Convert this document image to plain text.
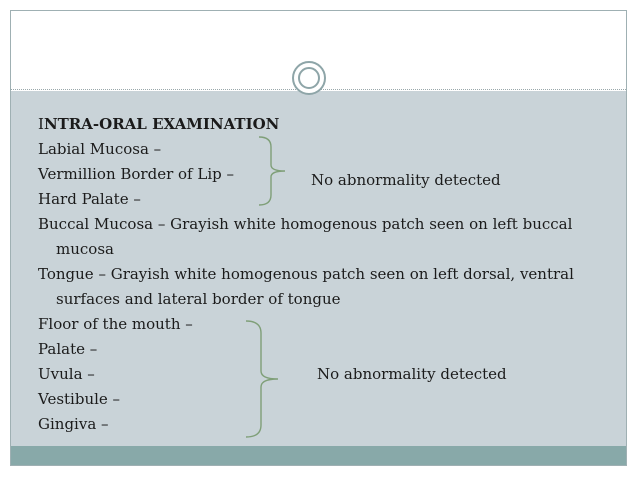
INTRA-ORAL EXAMINATION
Labial Mucosa –
Vermillion Border of Lip –
Hard Palate –
Buccal Mucosa – Grayish white homogenous patch seen on left buccal
mucosa
Tongue – Grayish white homogenous patch seen on left dorsal, ventral
surfaces and lateral border of tongue
Floor of the mouth –
Palate –
Uvula –
Vestibule –
Gingiva –
No abnormality detected
No abnormality detected
